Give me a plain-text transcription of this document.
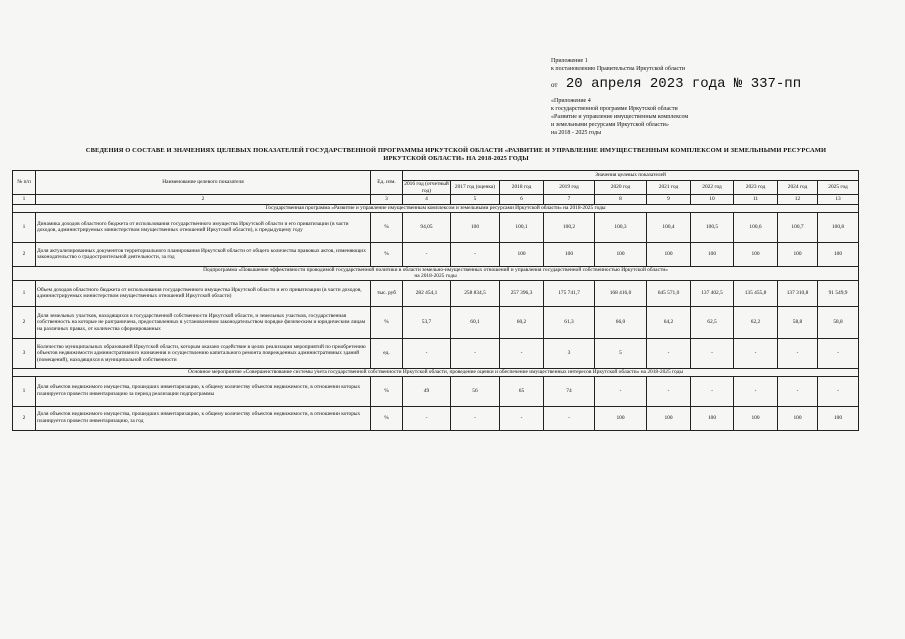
Приложение 1
к постановлению Правительства Иркутской области
от 20 апреля 2023 года № 337-пп
«Приложение 4
к государственной программе Иркутской области
«Развитие и управление имущественным комплексом
и земельными ресурсами Иркутской области»
на 2018 - 2025 годы
СВЕДЕНИЯ О СОСТАВЕ И ЗНАЧЕНИЯХ ЦЕЛЕВЫХ ПОКАЗАТЕЛЕЙ ГОСУДАРСТВЕННОЙ ПРОГРАММЫ ИРКУТСКОЙ ОБЛАСТИ «РАЗВИТИЕ И УПРАВЛЕНИЕ ИМУЩЕСТВЕННЫМ КОМПЛЕКСОМ И ЗЕМЕЛЬНЫМИ РЕСУРСАМИ
ИРКУТСКОЙ ОБЛАСТИ» НА 2018-2025 ГОДЫ
№ п/п	Наименование целевого показателя	Ед. изм.	Значения целевых показателей									
			2016 год (отчетный год)	2017 год (оценка)	2018 год	2019 год	2020 год	2021 год	2022 год	2023 год	2024 год	2025 год
1	2	3	4	5	6	7	8	9	10	11	12	13
Государственная программа «Развитие и управление имущественным комплексом и земельными ресурсами Иркутской области» на 2018-2025 годы												
1	Динамика доходов областного бюджета от использования государственного имущества Иркутской области и его приватизации (в части доходов, администрируемых министерством имущественных отношений Иркутской области), к предыдущему году	%	94,05	100	100,1	100,2	100,3	100,4	100,5	100,6	100,7	100,8
2	Доля актуализированных документов территориального планирования Иркутской области от общего количества правовых актов, изменяющих законодательство о градостроительной деятельности, за год	%	-	-	100	100	100	100	100	100	100	100
Подпрограмма «Повышение эффективности проводимой государственной политики в области земельно-имущественных отношений и управления государственной собственностью Иркутской области»
на 2018-2025 годы												
1	Объем доходов областного бюджета от использования государственного имущества Иркутской области и его приватизации (в части доходов, администрируемых министерством имущественных отношений Иркутской области)	тыс. руб	282 454,1	258 834,5	257 396,3	175 741,7	168 416,0	645 571,0	137 402,5	135 455,8	137 310,8	91 549,9
2	Доля земельных участков, находящихся в государственной собственности Иркутской области, и земельных участков, государственная собственность на которые не разграничена, предоставленных в установленном законодательством порядке физическим и юридическим лицам на различных правах, от количества сформированных	%	53,7	60,1	60,2	61,3	66,0	64,2	62,5	62,2	58,8	58,8
3	Количество муниципальных образований Иркутской области, которым оказано содействие в целях реализации мероприятий по приобретению объектов недвижимости административного назначения и осуществлению капитального ремонта поврежденных административных зданий (помещений), находящихся в муниципальной собственности	ед.	-	-	-	3	5	-	-	-	-	-
Основное мероприятие «Совершенствование системы учета государственной собственности Иркутской области, проведение оценки и обеспечение имущественных интересов Иркутской области» на 2018-2025 годы												
1	Доля объектов недвижимого имущества, прошедших инвентаризацию, к общему количеству объектов недвижимости, в отношении которых планируется провести инвентаризацию за период реализации подпрограммы	%	49	56	65	74	-	-	-	-	-	-
2	Доля объектов недвижимого имущества, прошедших инвентаризацию, к общему количеству объектов недвижимости, в отношении которых планируется провести инвентаризацию, за год	%	-	-	-	-	100	100	100	100	100	100
